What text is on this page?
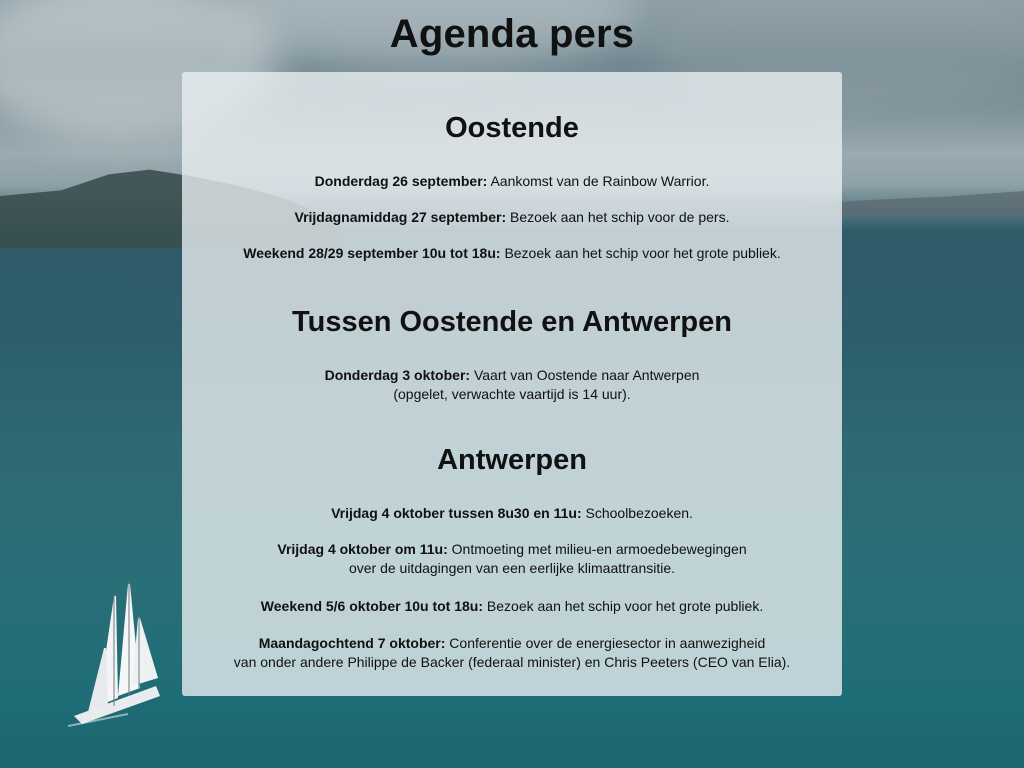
Agenda pers
Oostende

Donderdag 26 september: Aankomst van de Rainbow Warrior.

Vrijdagnamiddag 27 september: Bezoek aan het schip voor de pers.

Weekend 28/29 september 10u tot 18u: Bezoek aan het schip voor het grote publiek.

Tussen Oostende en Antwerpen

Donderdag 3 oktober: Vaart van Oostende naar Antwerpen
(opgelet, verwachte vaartijd is 14 uur).

Antwerpen

Vrijdag 4 oktober tussen 8u30 en 11u: Schoolbezoeken.

Vrijdag 4 oktober om 11u: Ontmoeting met milieu-en armoedebewegingen
over de uitdagingen van een eerlijke klimaattransitie.

Weekend 5/6 oktober 10u tot 18u: Bezoek aan het schip voor het grote publiek.

Maandagochtend 7 oktober: Conferentie over de energiesector in aanwezigheid
van onder andere Philippe de Backer (federaal minister) en Chris Peeters (CEO van Elia).
